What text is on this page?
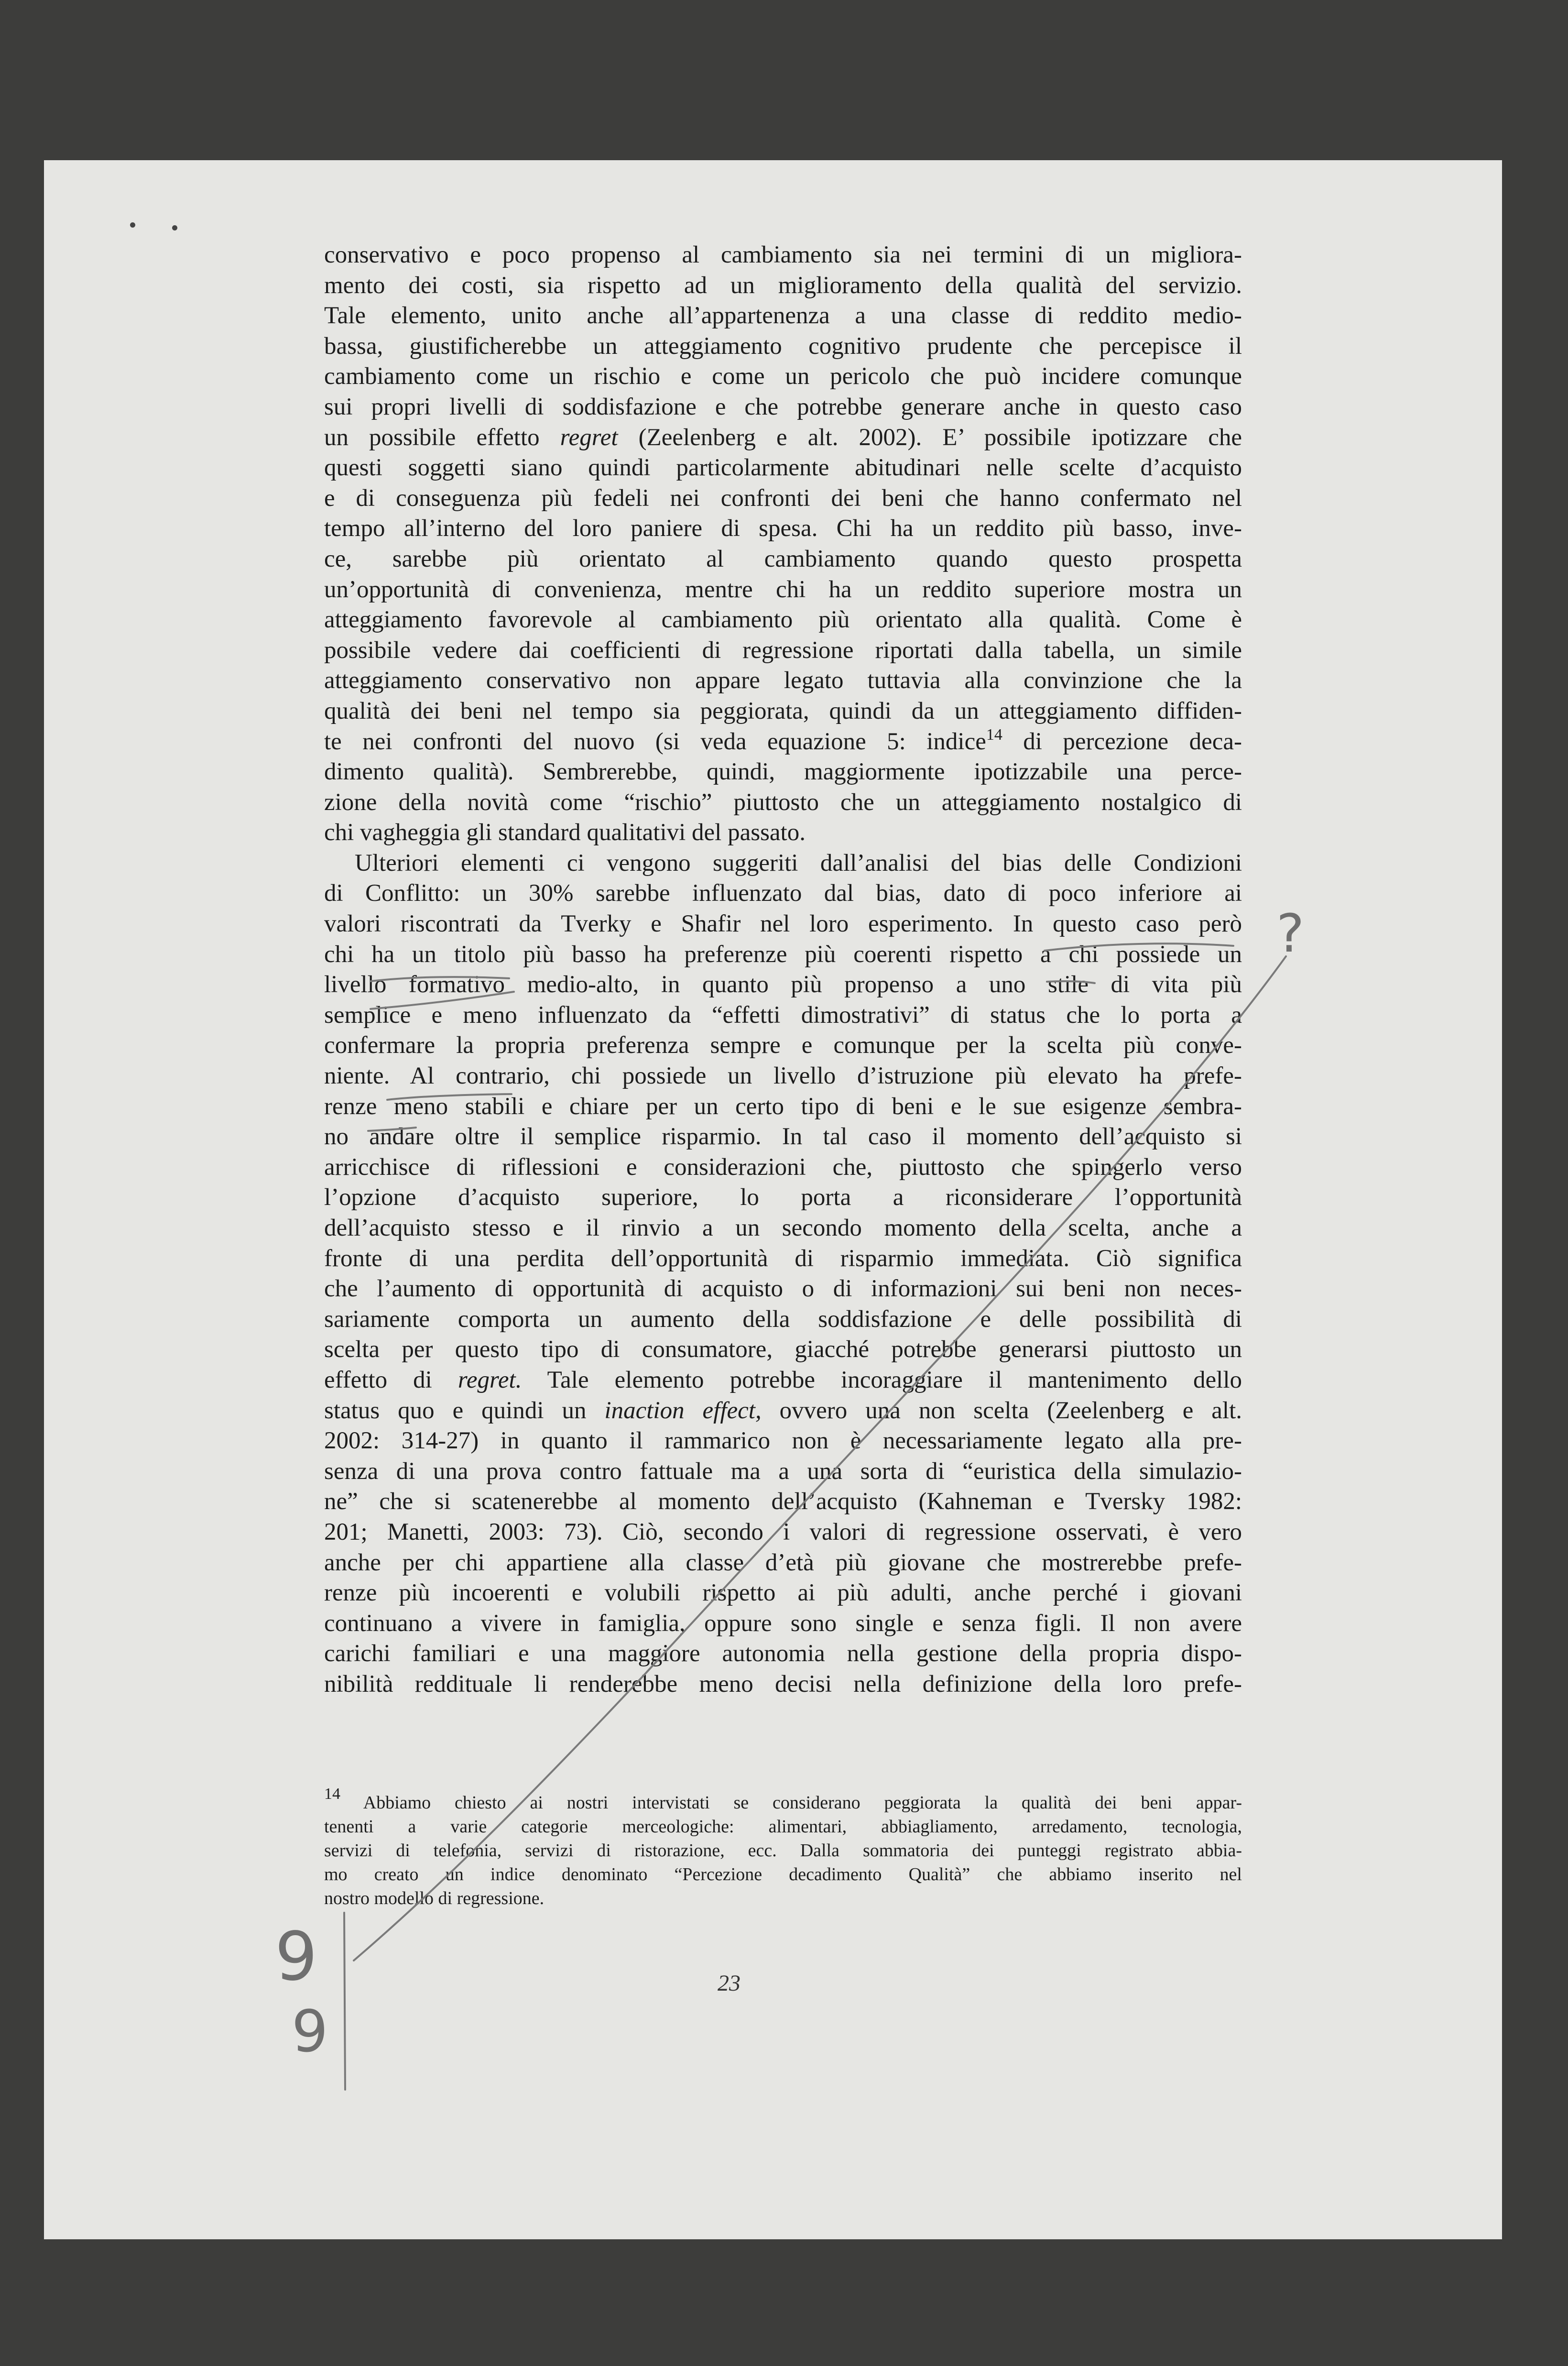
conservativo e poco propenso al cambiamento sia nei termini di un migliora-
mento dei costi, sia rispetto ad un miglioramento della qualità del servizio.
Tale elemento, unito anche all’appartenenza a una classe di reddito medio-
bassa, giustificherebbe un atteggiamento cognitivo prudente che percepisce il
cambiamento come un rischio e come un pericolo che può incidere comunque
sui propri livelli di soddisfazione e che potrebbe generare anche in questo caso
un possibile effetto regret (Zeelenberg e alt. 2002). E’ possibile ipotizzare che
questi soggetti siano quindi particolarmente abitudinari nelle scelte d’acquisto
e di conseguenza più fedeli nei confronti dei beni che hanno confermato nel
tempo all’interno del loro paniere di spesa. Chi ha un reddito più basso, inve-
ce, sarebbe più orientato al cambiamento quando questo prospetta
un’opportunità di convenienza, mentre chi ha un reddito superiore mostra un
atteggiamento favorevole al cambiamento più orientato alla qualità. Come è
possibile vedere dai coefficienti di regressione riportati dalla tabella, un simile
atteggiamento conservativo non appare legato tuttavia alla convinzione che la
qualità dei beni nel tempo sia peggiorata, quindi da un atteggiamento diffiden-
te nei confronti del nuovo (si veda equazione 5: indice$^{14}$ di percezione deca-
dimento qualità). Sembrerebbe, quindi, maggiormente ipotizzabile una perce-
zione della novità come “rischio” piuttosto che un atteggiamento nostalgico di
chi vagheggia gli standard qualitativi del passato.
Ulteriori elementi ci vengono suggeriti dall’analisi del bias delle Condizioni
di Conflitto: un 30% sarebbe influenzato dal bias, dato di poco inferiore ai
valori riscontrati da Tverky e Shafir nel loro esperimento. In questo caso però
chi ha un titolo più basso ha preferenze più coerenti rispetto a chi possiede un
livello formativo medio-alto, in quanto più propenso a uno stile di vita più
semplice e meno influenzato da “effetti dimostrativi” di status che lo porta a
confermare la propria preferenza sempre e comunque per la scelta più conve-
niente. Al contrario, chi possiede un livello d’istruzione più elevato ha prefe-
renze meno stabili e chiare per un certo tipo di beni e le sue esigenze sembra-
no andare oltre il semplice risparmio. In tal caso il momento dell’acquisto si
arricchisce di riflessioni e considerazioni che, piuttosto che spingerlo verso
l’opzione d’acquisto superiore, lo porta a riconsiderare l’opportunità
dell’acquisto stesso e il rinvio a un secondo momento della scelta, anche a
fronte di una perdita dell’opportunità di risparmio immediata. Ciò significa
che l’aumento di opportunità di acquisto o di informazioni sui beni non neces-
sariamente comporta un aumento della soddisfazione e delle possibilità di
scelta per questo tipo di consumatore, giacché potrebbe generarsi piuttosto un
effetto di regret. Tale elemento potrebbe incoraggiare il mantenimento dello
status quo e quindi un inaction effect, ovvero una non scelta (Zeelenberg e alt.
2002: 314-27) in quanto il rammarico non è necessariamente legato alla pre-
senza di una prova contro fattuale ma a una sorta di “euristica della simulazio-
ne” che si scatenerebbe al momento dell’acquisto (Kahneman e Tversky 1982:
201; Manetti, 2003: 73). Ciò, secondo i valori di regressione osservati, è vero
anche per chi appartiene alla classe d’età più giovane che mostrerebbe prefe-
renze più incoerenti e volubili rispetto ai più adulti, anche perché i giovani
continuano a vivere in famiglia, oppure sono single e senza figli. Il non avere
carichi familiari e una maggiore autonomia nella gestione della propria dispo-
nibilità reddituale li renderebbe meno decisi nella definizione della loro prefe-
$^{14}$ Abbiamo chiesto ai nostri intervistati se considerano peggiorata la qualità dei beni appar-
tenenti a varie categorie merceologiche: alimentari, abbiagliamento, arredamento, tecnologia,
servizi di telefonia, servizi di ristorazione, ecc. Dalla sommatoria dei punteggi registrato abbia-
mo creato un indice denominato “Percezione decadimento Qualità” che abbiamo inserito nel
nostro modello di regressione.
23
?
9
9
